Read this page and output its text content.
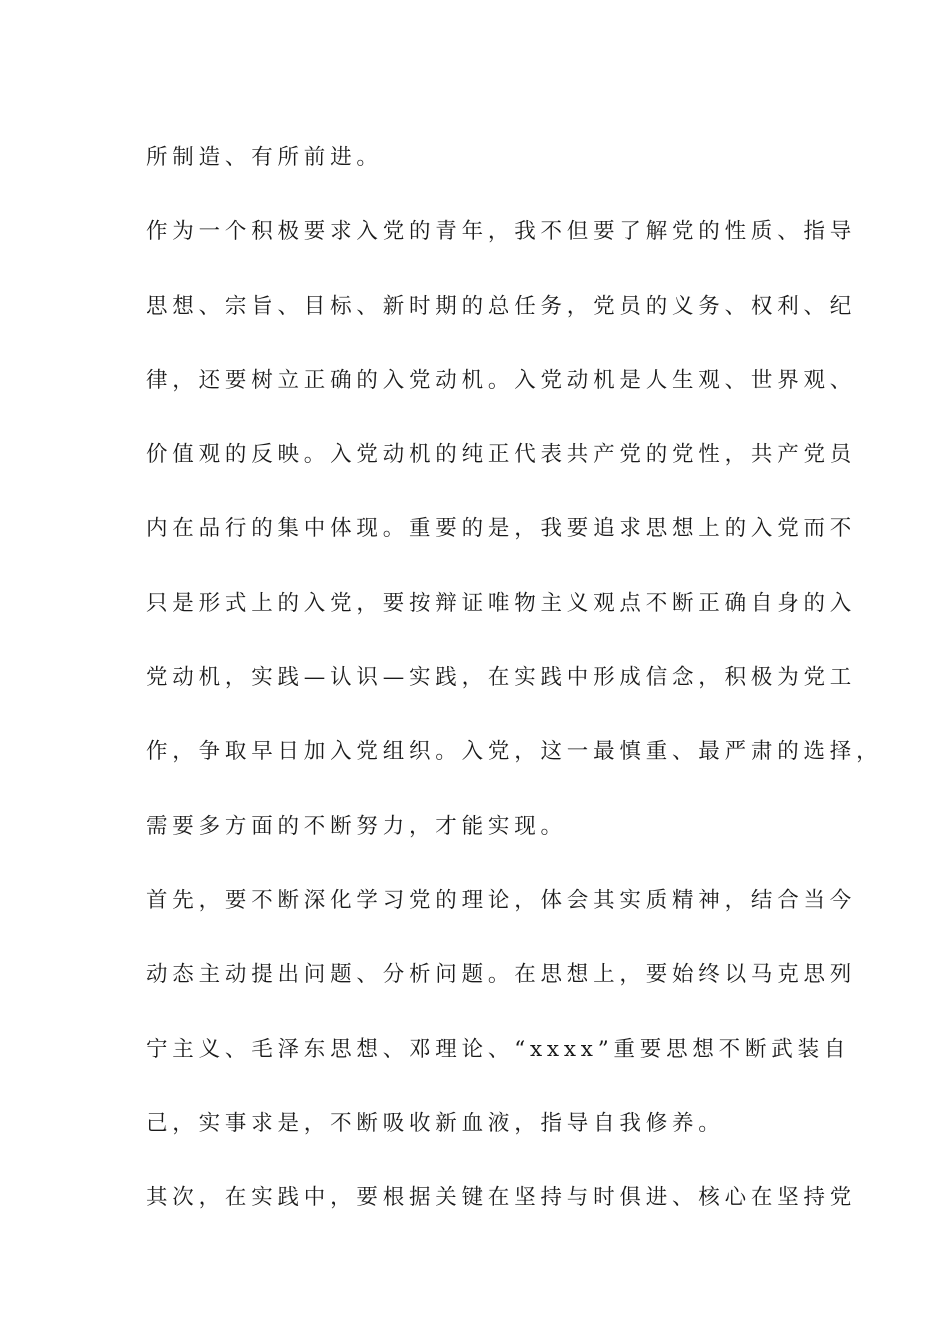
所制造、有所前进。
作为一个积极要求入党的青年，我不但要了解党的性质、指导
思想、宗旨、目标、新时期的总任务，党员的义务、权利、纪
律，还要树立正确的入党动机。入党动机是人生观、世界观、
价值观的反映。入党动机的纯正代表共产党的党性，共产党员
内在品行的集中体现。重要的是，我要追求思想上的入党而不
只是形式上的入党，要按辩证唯物主义观点不断正确自身的入
党动机，实践—认识—实践，在实践中形成信念，积极为党工
作，争取早日加入党组织。入党，这一最慎重、最严肃的选择，
需要多方面的不断努力，才能实现。
首先，要不断深化学习党的理论，体会其实质精神，结合当今
动态主动提出问题、分析问题。在思想上，要始终以马克思列
宁主义、毛泽东思想、邓理论、“xxxx”重要思想不断武装自
己，实事求是，不断吸收新血液，指导自我修养。
其次，在实践中，要根据关键在坚持与时俱进、核心在坚持党
